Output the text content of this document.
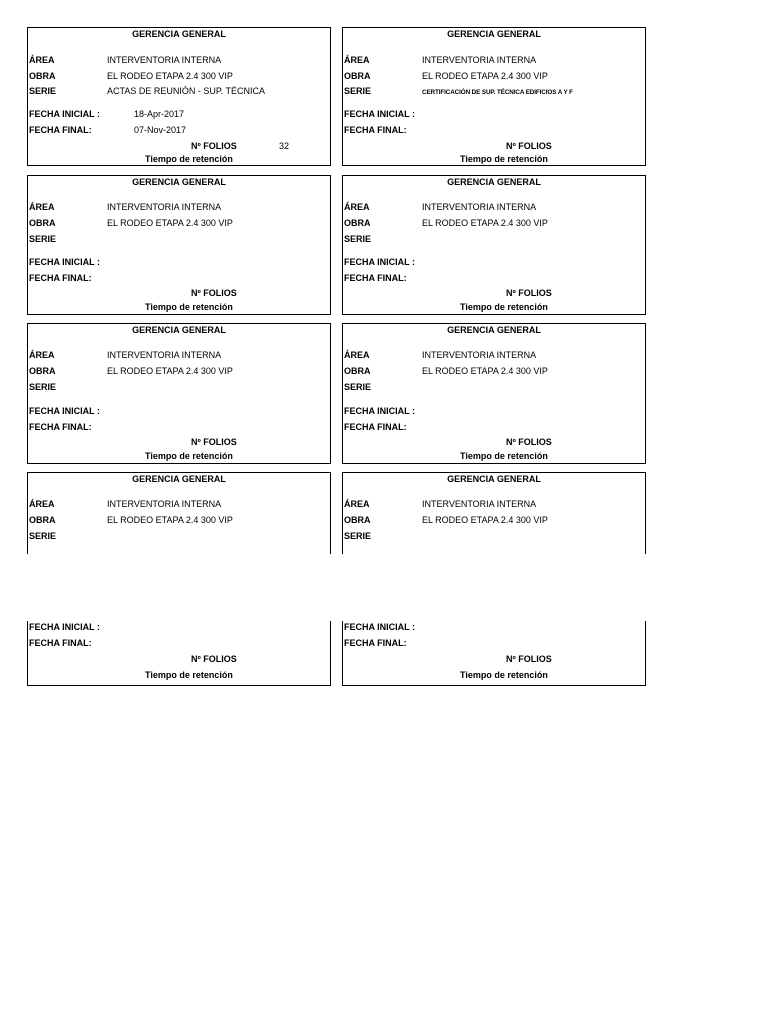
GERENCIA GENERAL
ÁREA	INTERVENTORIA INTERNA
OBRA	EL RODEO ETAPA 2.4 300 VIP
SERIE	ACTAS DE REUNIÓN - SUP. TÉCNICA
FECHA INICIAL :	18-Apr-2017
FECHA FINAL:	07-Nov-2017
Nº FOLIOS	32
Tiempo de retención
GERENCIA GENERAL
ÁREA	INTERVENTORIA INTERNA
OBRA	EL RODEO ETAPA 2.4 300 VIP
SERIE	CERTIFICACIÓN DE SUP. TÉCNICA EDIFICIOS A Y F
FECHA INICIAL :
FECHA FINAL:
Nº FOLIOS
Tiempo de retención
GERENCIA GENERAL
ÁREA	INTERVENTORIA INTERNA
OBRA	EL RODEO ETAPA 2.4 300 VIP
SERIE
FECHA INICIAL :
FECHA FINAL:
Nº FOLIOS
Tiempo de retención
GERENCIA GENERAL
ÁREA	INTERVENTORIA INTERNA
OBRA	EL RODEO ETAPA 2.4 300 VIP
SERIE
FECHA INICIAL :
FECHA FINAL:
Nº FOLIOS
Tiempo de retención
GERENCIA GENERAL
ÁREA	INTERVENTORIA INTERNA
OBRA	EL RODEO ETAPA 2.4 300 VIP
SERIE
FECHA INICIAL :
FECHA FINAL:
Nº FOLIOS
Tiempo de retención
GERENCIA GENERAL
ÁREA	INTERVENTORIA INTERNA
OBRA	EL RODEO ETAPA 2.4 300 VIP
SERIE
FECHA INICIAL :
FECHA FINAL:
Nº FOLIOS
Tiempo de retención
GERENCIA GENERAL
ÁREA	INTERVENTORIA INTERNA
OBRA	EL RODEO ETAPA 2.4 300 VIP
SERIE
GERENCIA GENERAL
ÁREA	INTERVENTORIA INTERNA
OBRA	EL RODEO ETAPA 2.4 300 VIP
SERIE
FECHA INICIAL :
FECHA FINAL:
Nº FOLIOS
Tiempo de retención
FECHA INICIAL :
FECHA FINAL:
Nº FOLIOS
Tiempo de retención
